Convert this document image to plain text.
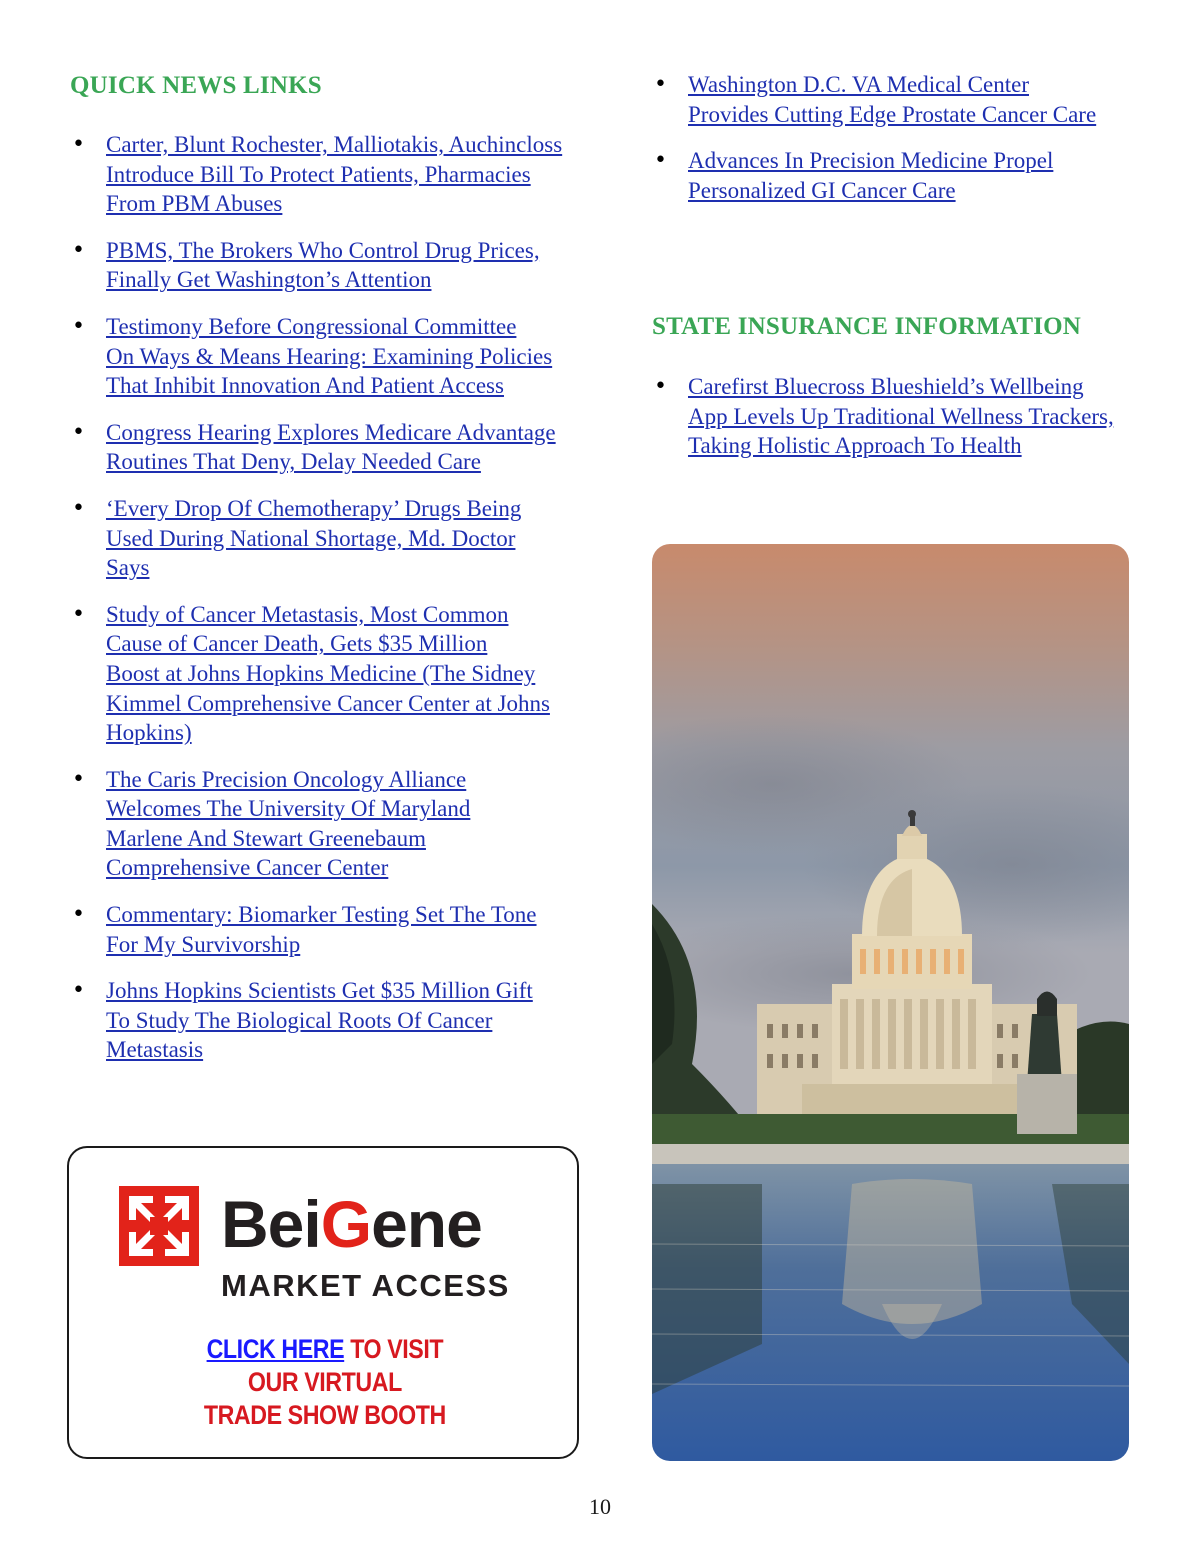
QUICK NEWS LINKS
• Carter, Blunt Rochester, Malliotakis, Auchincloss
Introduce Bill To Protect Patients, Pharmacies
From PBM Abuses
• PBMS, The Brokers Who Control Drug Prices,
Finally Get Washington’s Attention
• Testimony Before Congressional Committee
On Ways & Means Hearing: Examining Policies
That Inhibit Innovation And Patient Access
• Congress Hearing Explores Medicare Advantage
Routines That Deny, Delay Needed Care
• ‘Every Drop Of Chemotherapy’ Drugs Being
Used During National Shortage, Md. Doctor
Says
• Study of Cancer Metastasis, Most Common
Cause of Cancer Death, Gets $35 Million
Boost at Johns Hopkins Medicine (The Sidney
Kimmel Comprehensive Cancer Center at Johns
Hopkins)
• The Caris Precision Oncology Alliance
Welcomes The University Of Maryland
Marlene And Stewart Greenebaum
Comprehensive Cancer Center
• Commentary: Biomarker Testing Set The Tone
For My Survivorship
• Johns Hopkins Scientists Get $35 Million Gift
To Study The Biological Roots Of Cancer
Metastasis
• Washington D.C. VA Medical Center
Provides Cutting Edge Prostate Cancer Care
• Advances In Precision Medicine Propel
Personalized GI Cancer Care
STATE INSURANCE INFORMATION
• Carefirst Bluecross Blueshield’s Wellbeing
App Levels Up Traditional Wellness Trackers,
Taking Holistic Approach To Health

BeiGene

MARKET ACCESS

CLICK HERE TO VISIT
OUR VIRTUAL
TRADE SHOW BOOTH

10
